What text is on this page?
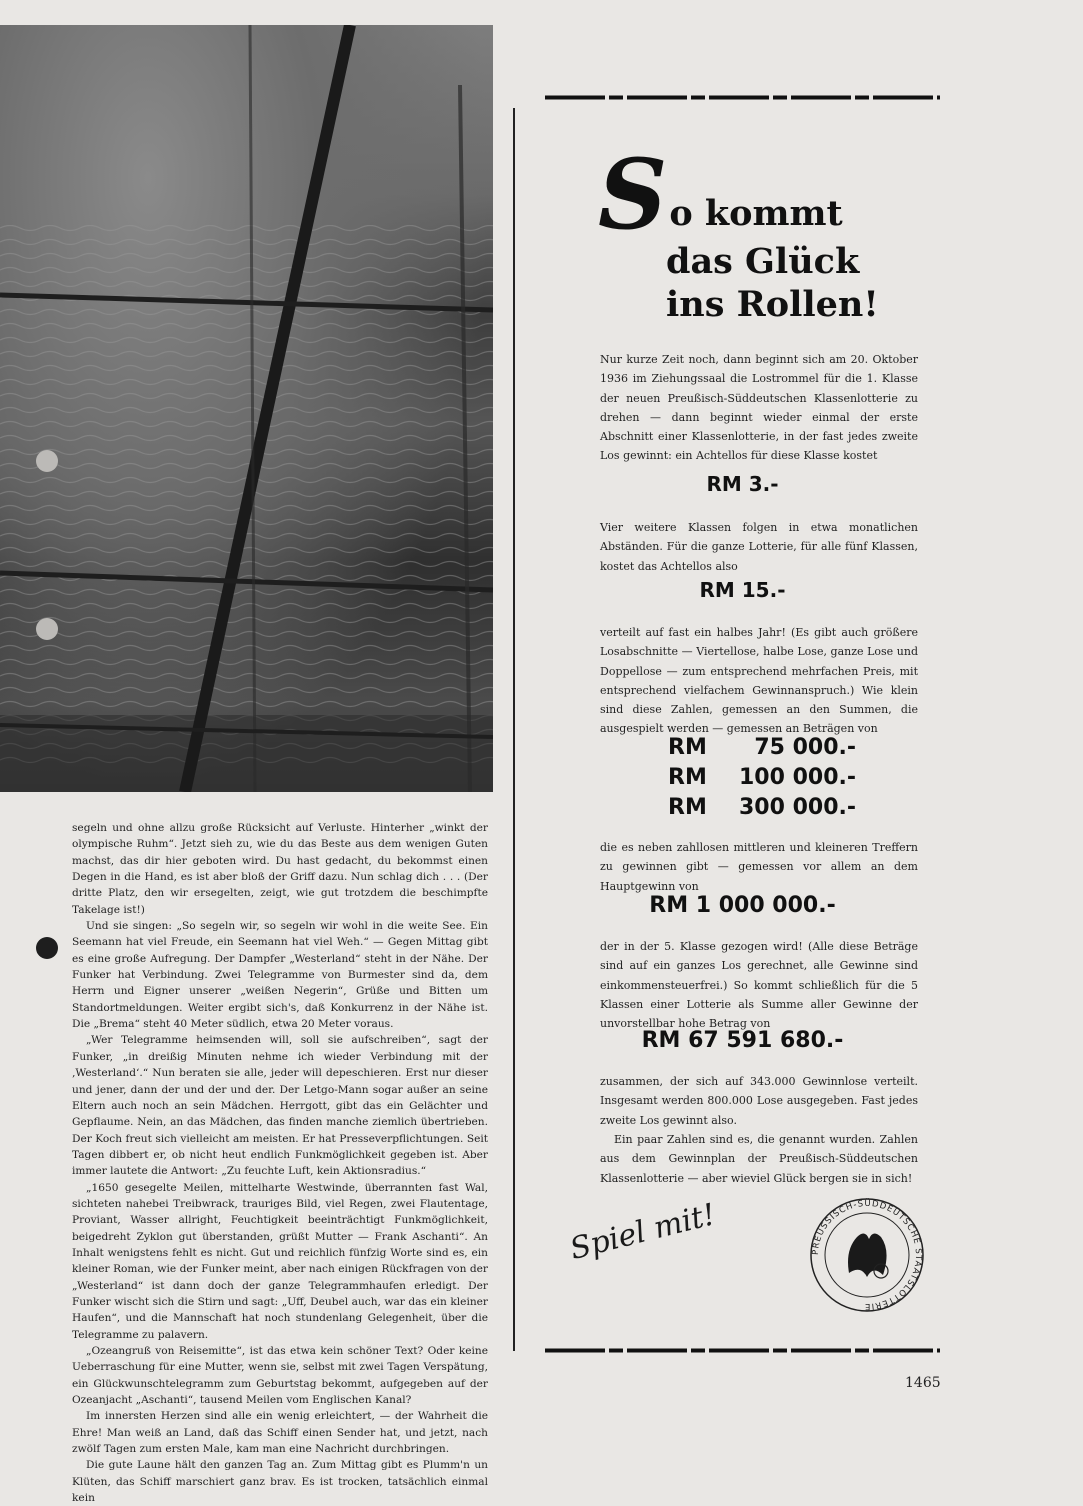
segeln und ohne allzu große Rücksicht auf Verluste. Hinterher „winkt der olympische Ruhm“. Jetzt sieh zu, wie du das Beste aus dem wenigen Guten machst, das dir hier geboten wird. Du hast gedacht, du bekommst einen Degen in die Hand, es ist aber bloß der Griff dazu. Nun schlag dich . . . (Der dritte Platz, den wir ersegelten, zeigt, wie gut trotzdem die beschimpfte Takelage ist!)

Und sie singen: „So segeln wir, so segeln wir wohl in die weite See. Ein Seemann hat viel Freude, ein Seemann hat viel Weh.“ — Gegen Mittag gibt es eine große Aufregung. Der Dampfer „Westerland“ steht in der Nähe. Der Funker hat Verbindung. Zwei Telegramme von Burmester sind da, dem Herrn und Eigner unserer „weißen Negerin“, Grüße und Bitten um Standortmeldungen. Weiter ergibt sich's, daß Konkurrenz in der Nähe ist. Die „Brema“ steht 40 Meter südlich, etwa 20 Meter voraus.

„Wer Telegramme heimsenden will, soll sie aufschreiben“, sagt der Funker, „in dreißig Minuten nehme ich wieder Verbindung mit der ‚Westerland‘.“ Nun beraten sie alle, jeder will depeschieren. Erst nur dieser und jener, dann der und der und der. Der Letgo-Mann sogar außer an seine Eltern auch noch an sein Mädchen. Herrgott, gibt das ein Gelächter und Gepflaume. Nein, an das Mädchen, das finden manche ziemlich übertrieben. Der Koch freut sich vielleicht am meisten. Er hat Presseverpflichtungen. Seit Tagen dibbert er, ob nicht heut endlich Funkmöglichkeit gegeben ist. Aber immer lautete die Antwort: „Zu feuchte Luft, kein Aktionsradius.“

„1650 gesegelte Meilen, mittelharte Westwinde, überrannten fast Wal, sichteten nahebei Treibwrack, trauriges Bild, viel Regen, zwei Flautentage, Proviant, Wasser allright, Feuchtigkeit beeinträchtigt Funkmöglichkeit, beigedreht Zyklon gut überstanden, grüßt Mutter — Frank Aschanti“. An Inhalt wenigstens fehlt es nicht. Gut und reichlich fünfzig Worte sind es, ein kleiner Roman, wie der Funker meint, aber nach einigen Rückfragen von der „Westerland“ ist dann doch der ganze Telegrammhaufen erledigt. Der Funker wischt sich die Stirn und sagt: „Uff, Deubel auch, war das ein kleiner Haufen“, und die Mannschaft hat noch stundenlang Gelegenheit, über die Telegramme zu palavern.

„Ozeangruß von Reisemitte“, ist das etwa kein schöner Text? Oder keine Ueberraschung für eine Mutter, wenn sie, selbst mit zwei Tagen Verspätung, ein Glückwunschtelegramm zum Geburtstag bekommt, aufgegeben auf der Ozeanjacht „Aschanti“, tausend Meilen vom Englischen Kanal?

Im innersten Herzen sind alle ein wenig erleichtert, — der Wahrheit die Ehre! Man weiß an Land, daß das Schiff einen Sender hat, und jetzt, nach zwölf Tagen zum ersten Male, kam man eine Nachricht durchbringen.

Die gute Laune hält den ganzen Tag an. Zum Mittag gibt es Plumm'n un Klüten, das Schiff marschiert ganz brav. Es ist trocken, tatsächlich einmal kein

S o kommt
das Glück
ins Rollen!

Nur kurze Zeit noch, dann beginnt sich am 20. Oktober 1936 im Ziehungssaal die Lostrommel für die 1. Klasse der neuen Preußisch-Süddeutschen Klassenlotterie zu drehen — dann beginnt wieder einmal der erste Abschnitt einer Klassenlotterie, in der fast jedes zweite Los gewinnt: ein Achtellos für diese Klasse kostet

RM 3.-

Vier weitere Klassen folgen in etwa monatlichen Abständen. Für die ganze Lotterie, für alle fünf Klassen, kostet das Achtellos also

RM 15.-

verteilt auf fast ein halbes Jahr! (Es gibt auch größere Losabschnitte — Viertellose, halbe Lose, ganze Lose und Doppellose — zum entsprechend mehrfachen Preis, mit entsprechend vielfachem Gewinnanspruch.) Wie klein sind diese Zahlen, gemessen an den Summen, die ausgespielt werden — gemessen an Beträgen von

RM	75 000.-
RM	100 000.-
RM	300 000.-

die es neben zahllosen mittleren und kleineren Treffern zu gewinnen gibt — gemessen vor allem an dem Hauptgewinn von

RM 1 000 000.-

der in der 5. Klasse gezogen wird! (Alle diese Beträge sind auf ein ganzes Los gerechnet, alle Gewinne sind einkommensteuerfrei.) So kommt schließlich für die 5 Klassen einer Lotterie als Summe aller Gewinne der unvorstellbar hohe Betrag von

RM 67 591 680.-

zusammen, der sich auf 343.000 Gewinnlose verteilt. Insgesamt werden 800.000 Lose ausgegeben. Fast jedes zweite Los gewinnt also.

Ein paar Zahlen sind es, die genannt wurden. Zahlen aus dem Gewinnplan der Preußisch-Süddeutschen Klassenlotterie — aber wieviel Glück bergen sie in sich!

Spiel mit!	PREUSSISCH-SÜDDEUTSCHE STAATSLOTTERIE
1465
